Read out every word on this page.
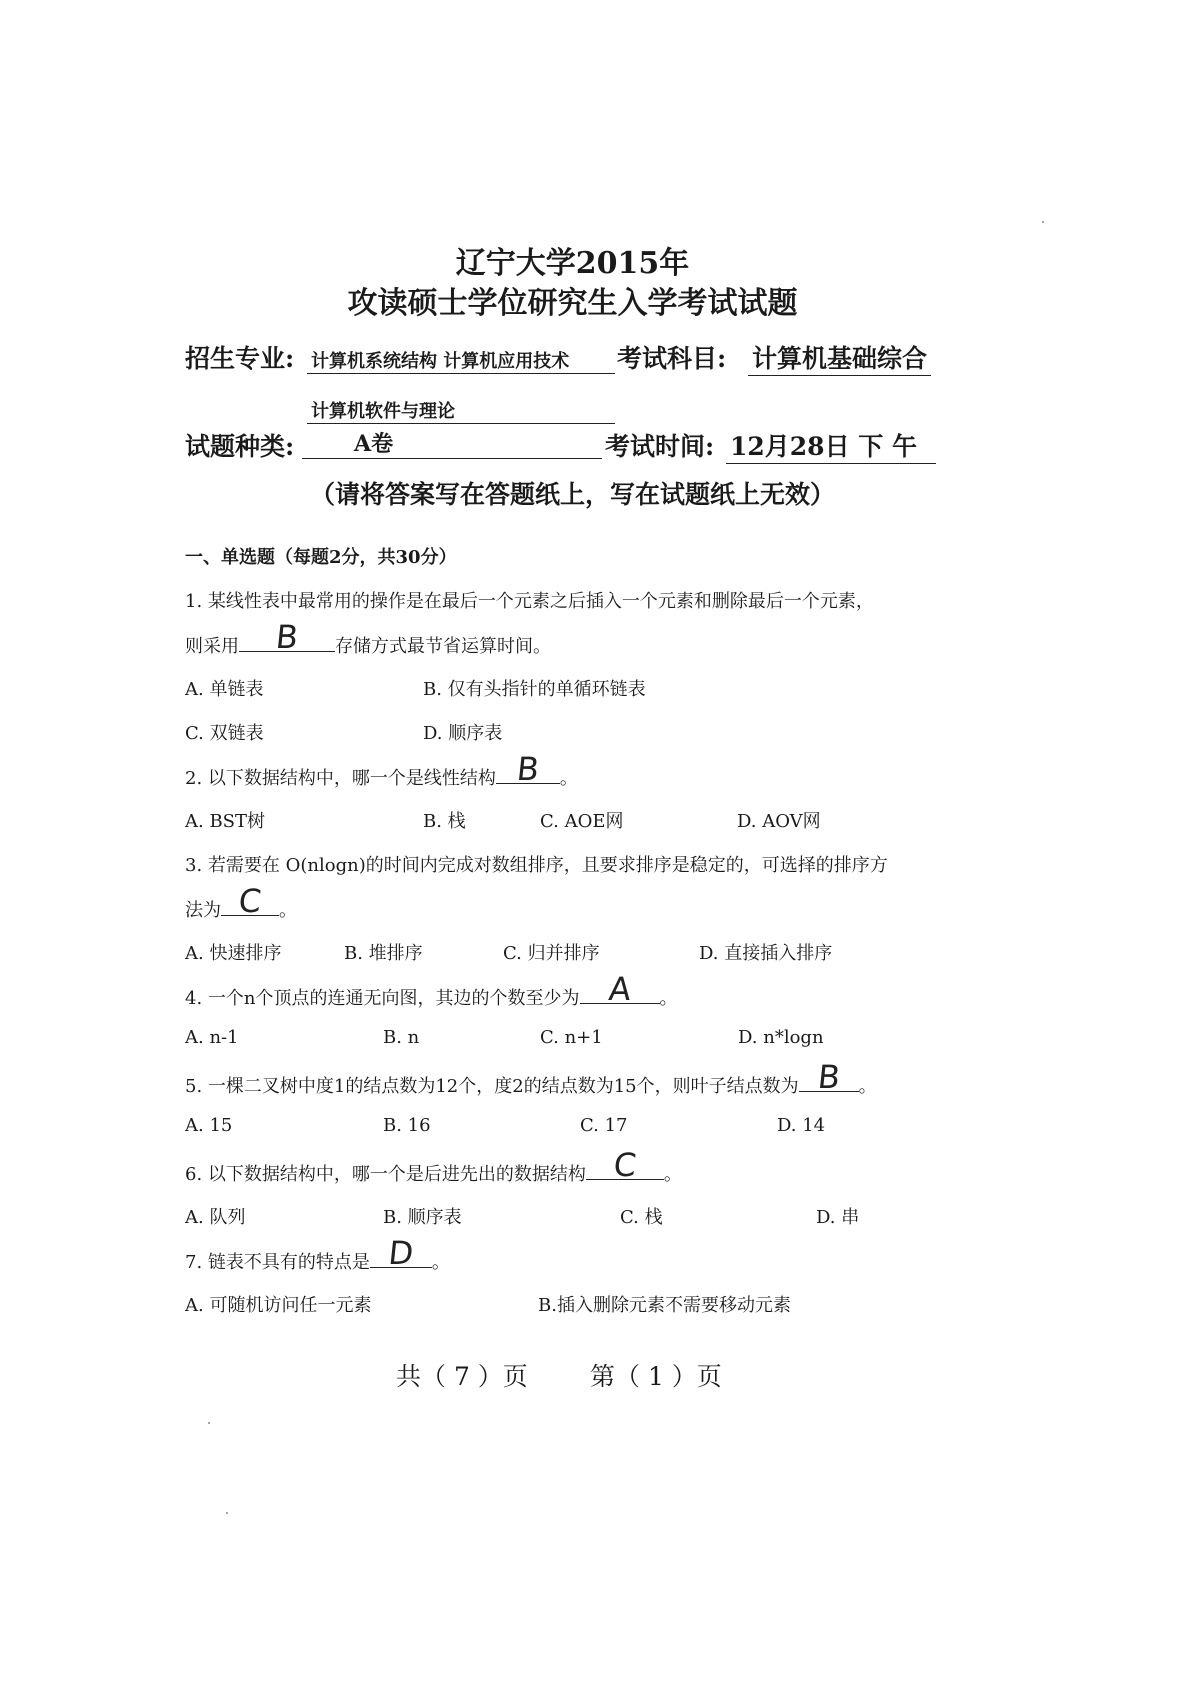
辽宁大学2015年
攻读硕士学位研究生入学考试试题
招生专业: 计算机系统结构 计算机应用技术	考试科目: 计算机基础综合
计算机软件与理论
试题种类:	A卷	考试时间: 12月28日 下 午
（请将答案写在答题纸上，写在试题纸上无效）
一、单选题（每题2分，共30分）
1. 某线性表中最常用的操作是在最后一个元素之后插入一个元素和删除最后一个元素，
则采用	B	存储方式最节省运算时间。
A. 单链表	B. 仅有头指针的单循环链表
C. 双链表	D. 顺序表
2. 以下数据结构中，哪一个是线性结构 B	。
A. BST树	B. 栈	C. AOE网	D. AOV网
3. 若需要在 O(nlogn)的时间内完成对数组排序，且要求排序是稳定的，可选择的排序方
法为 C 。
A. 快速排序	B. 堆排序	C. 归并排序	D. 直接插入排序
4. 一个n个顶点的连通无向图，其边的个数至少为 A	。
A. n-1	B. n	C. n+1	D. n*logn
5. 一棵二叉树中度1的结点数为12个，度2的结点数为15个，则叶子结点数为 B 。
A. 15	B. 16	C. 17	D. 14
6. 以下数据结构中，哪一个是后进先出的数据结构 C	。
A. 队列	B. 顺序表	C. 栈	D. 串
7. 链表不具有的特点是 D 。
A. 可随机访问任一元素	B.插入删除元素不需要移动元素
共（ 7 ）页 第（ 1 ）页
